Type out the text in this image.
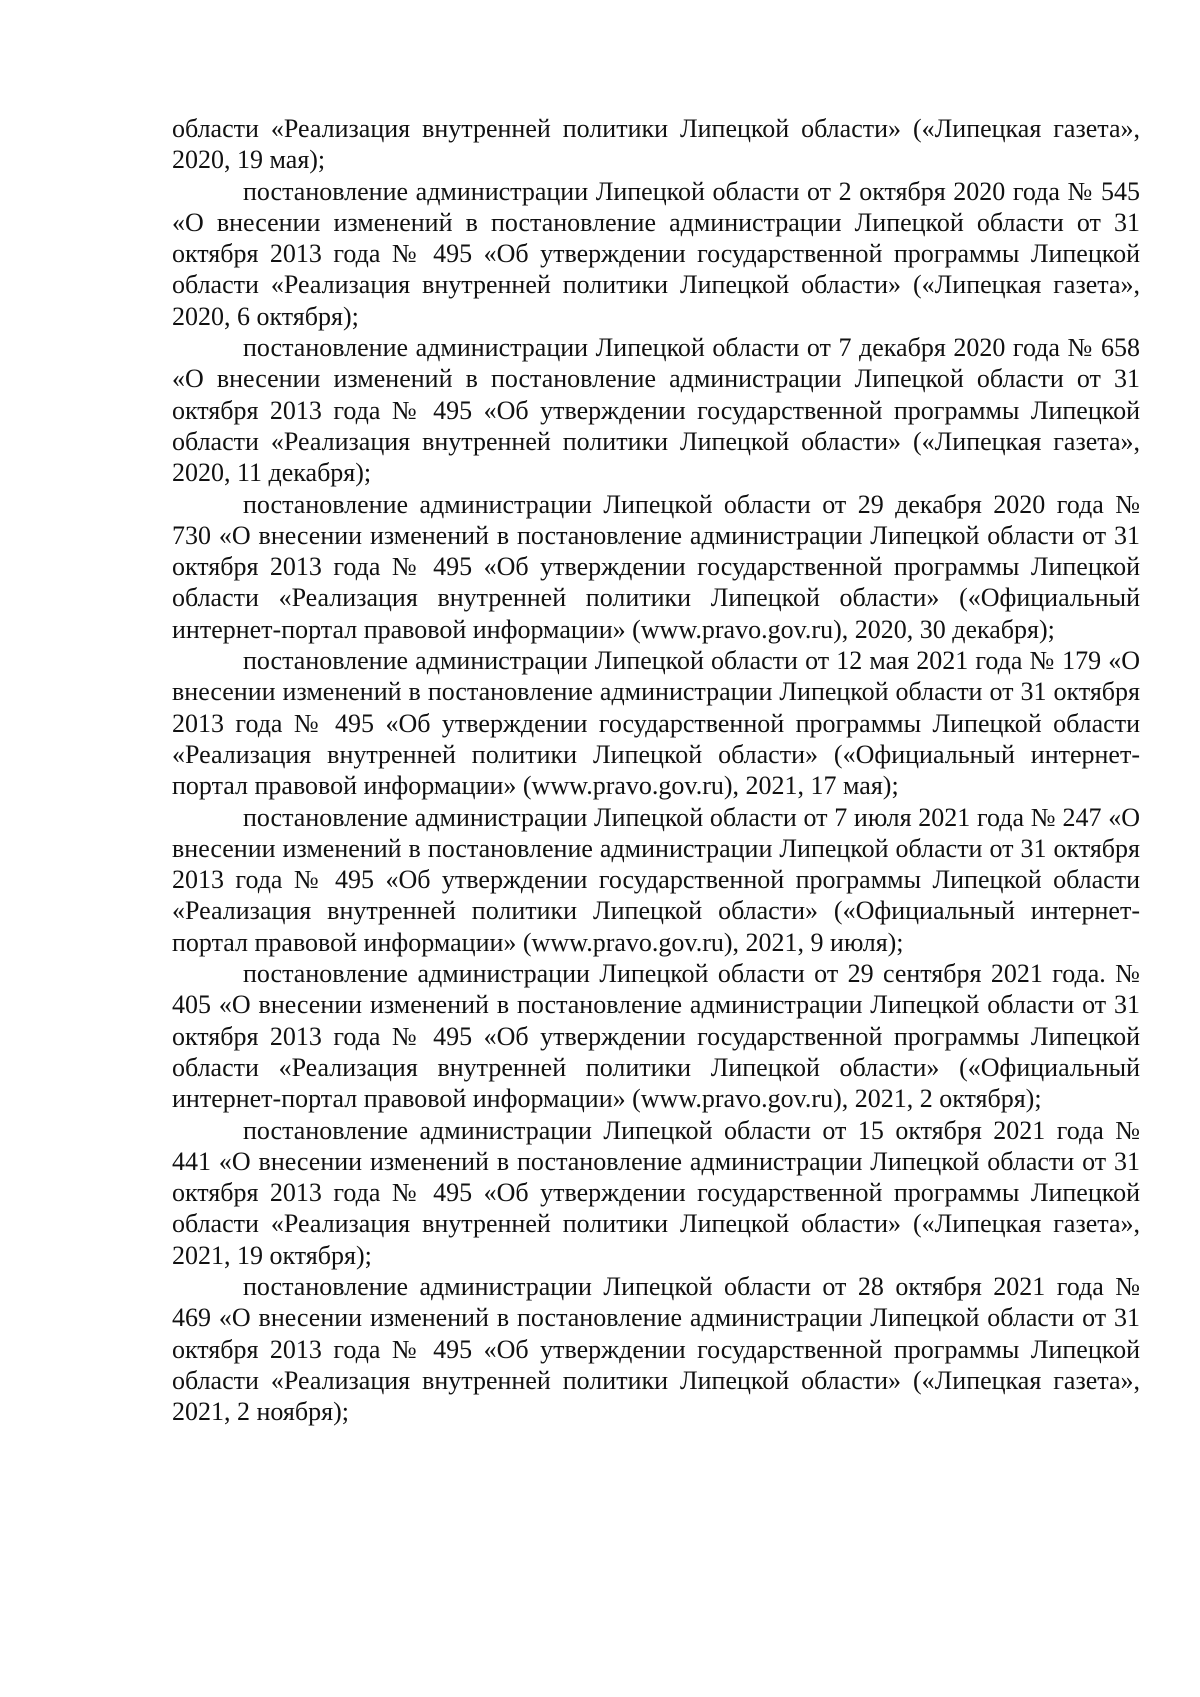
области «Реализация внутренней политики Липецкой области» («Липецкая газета», 2020, 19 мая);

постановление администрации Липецкой области от 2 октября 2020 года № 545 «О внесении изменений в постановление администрации Липецкой области от 31 октября 2013 года № 495 «Об утверждении государственной программы Липецкой области «Реализация внутренней политики Липецкой области» («Липецкая газета», 2020, 6 октября);

постановление администрации Липецкой области от 7 декабря 2020 года № 658 «О внесении изменений в постановление администрации Липецкой области от 31 октября 2013 года № 495 «Об утверждении государственной программы Липецкой области «Реализация внутренней политики Липецкой области» («Липецкая газета», 2020, 11 декабря);

постановление администрации Липецкой области от 29 декабря 2020 года № 730 «О внесении изменений в постановление администрации Липецкой области от 31 октября 2013 года № 495 «Об утверждении государственной программы Липецкой области «Реализация внутренней политики Липецкой области» («Официальный интернет-портал правовой информации» (www.pravo.gov.ru), 2020, 30 декабря);

постановление администрации Липецкой области от 12 мая 2021 года № 179 «О внесении изменений в постановление администрации Липецкой области от 31 октября 2013 года № 495 «Об утверждении государственной программы Липецкой области «Реализация внутренней политики Липецкой области» («Официальный интернет-портал правовой информации» (www.pravo.gov.ru), 2021, 17 мая);

постановление администрации Липецкой области от 7 июля 2021 года № 247 «О внесении изменений в постановление администрации Липецкой области от 31 октября 2013 года № 495 «Об утверждении государственной программы Липецкой области «Реализация внутренней политики Липецкой области» («Официальный интернет-портал правовой информации» (www.pravo.gov.ru), 2021, 9 июля);

постановление администрации Липецкой области от 29 сентября 2021 года. № 405 «О внесении изменений в постановление администрации Липецкой области от 31 октября 2013 года № 495 «Об утверждении государственной программы Липецкой области «Реализация внутренней политики Липецкой области» («Официальный интернет-портал правовой информации» (www.pravo.gov.ru), 2021, 2 октября);

постановление администрации Липецкой области от 15 октября 2021 года № 441 «О внесении изменений в постановление администрации Липецкой области от 31 октября 2013 года № 495 «Об утверждении государственной программы Липецкой области «Реализация внутренней политики Липецкой области» («Липецкая газета», 2021, 19 октября);

постановление администрации Липецкой области от 28 октября 2021 года № 469 «О внесении изменений в постановление администрации Липецкой области от 31 октября 2013 года № 495 «Об утверждении государственной программы Липецкой области «Реализация внутренней политики Липецкой области» («Липецкая газета», 2021, 2 ноября);
